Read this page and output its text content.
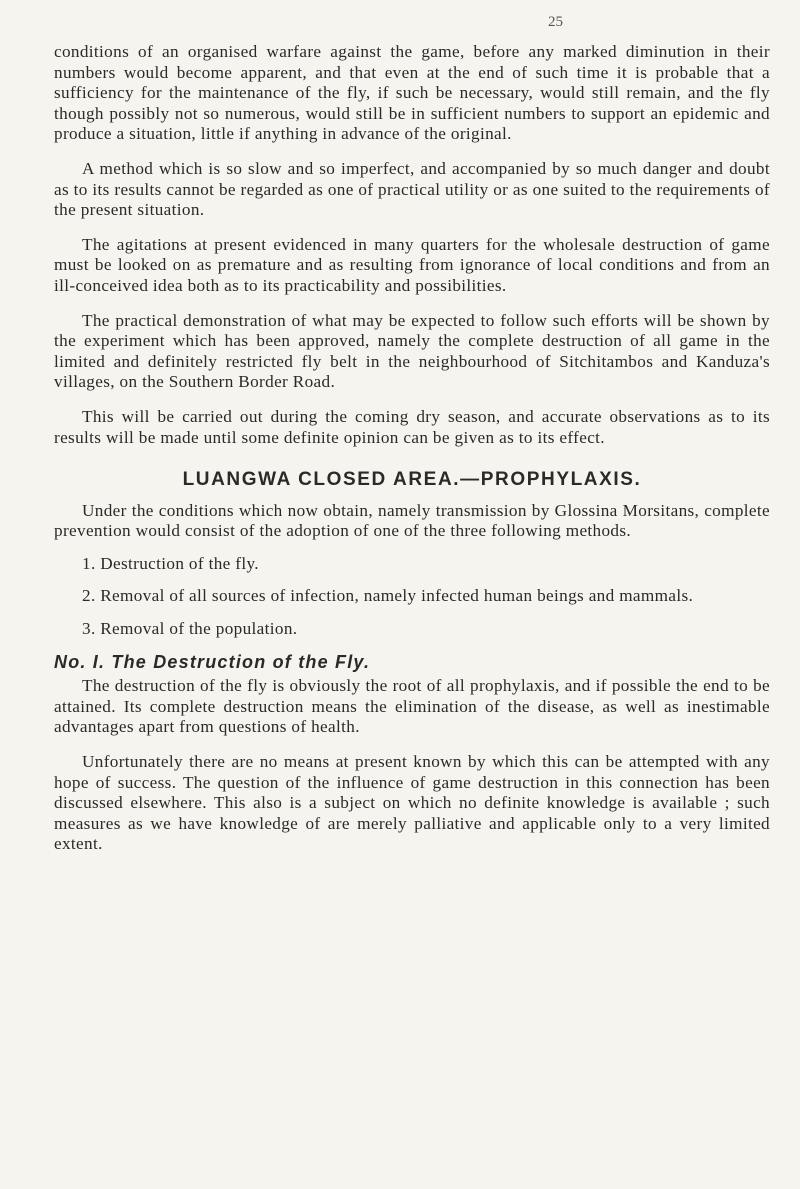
25

conditions of an organised warfare against the game, before any marked diminution in their numbers would become apparent, and that even at the end of such time it is probable that a sufficiency for the maintenance of the fly, if such be necessary, would still remain, and the fly though possibly not so numerous, would still be in sufficient numbers to support an epidemic and produce a situation, little if anything in advance of the original.

A method which is so slow and so imperfect, and accompanied by so much danger and doubt as to its results cannot be regarded as one of practical utility or as one suited to the requirements of the present situation.

The agitations at present evidenced in many quarters for the wholesale destruction of game must be looked on as premature and as resulting from ignorance of local conditions and from an ill-conceived idea both as to its practicability and possibilities.

The practical demonstration of what may be expected to follow such efforts will be shown by the experiment which has been approved, namely the complete destruction of all game in the limited and definitely restricted fly belt in the neighbourhood of Sitchitambos and Kanduza's villages, on the Southern Border Road.

This will be carried out during the coming dry season, and accurate observations as to its results will be made until some definite opinion can be given as to its effect.

LUANGWA CLOSED AREA.—PROPHYLAXIS.

Under the conditions which now obtain, namely transmission by Glossina Morsitans, complete prevention would consist of the adoption of one of the three following methods.

1. Destruction of the fly.
2. Removal of all sources of infection, namely infected human beings and mammals.
3. Removal of the population.
No. I. The Destruction of the Fly.

The destruction of the fly is obviously the root of all prophylaxis, and if possible the end to be attained. Its complete destruction means the elimination of the disease, as well as inestimable advantages apart from questions of health.

Unfortunately there are no means at present known by which this can be attempted with any hope of success. The question of the influence of game destruction in this connection has been discussed elsewhere. This also is a subject on which no definite knowledge is available ; such measures as we have knowledge of are merely palliative and applicable only to a very limited extent.
